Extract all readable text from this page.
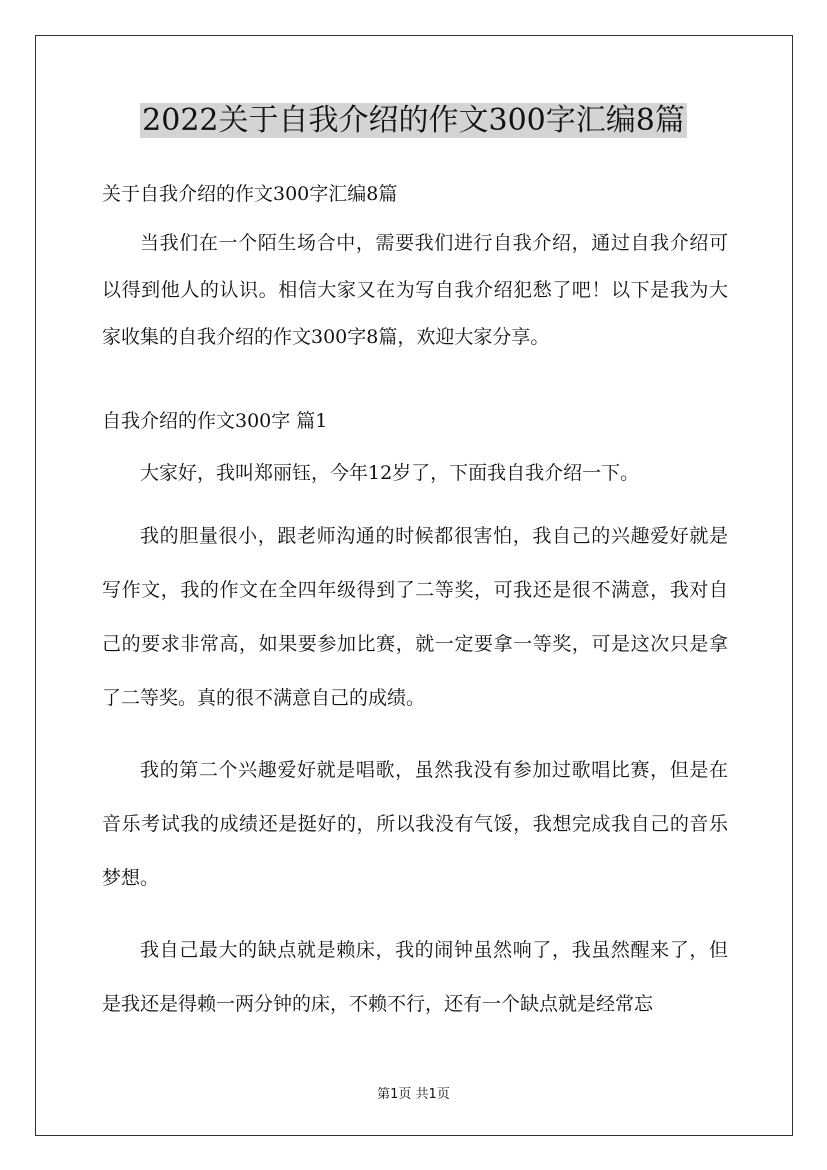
2022关于自我介绍的作文300字汇编8篇

关于自我介绍的作文300字汇编8篇

当我们在一个陌生场合中，需要我们进行自我介绍，通过自我介绍可以得到他人的认识。相信大家又在为写自我介绍犯愁了吧！以下是我为大家收集的自我介绍的作文300字8篇，欢迎大家分享。

自我介绍的作文300字 篇1

大家好，我叫郑丽钰，今年12岁了，下面我自我介绍一下。

我的胆量很小，跟老师沟通的时候都很害怕，我自己的兴趣爱好就是写作文，我的作文在全四年级得到了二等奖，可我还是很不满意，我对自己的要求非常高，如果要参加比赛，就一定要拿一等奖，可是这次只是拿了二等奖。真的很不满意自己的成绩。

我的第二个兴趣爱好就是唱歌，虽然我没有参加过歌唱比赛，但是在音乐考试我的成绩还是挺好的，所以我没有气馁，我想完成我自己的音乐梦想。

我自己最大的缺点就是赖床，我的闹钟虽然响了，我虽然醒来了，但是我还是得赖一两分钟的床，不赖不行，还有一个缺点就是经常忘

第1页 共1页
